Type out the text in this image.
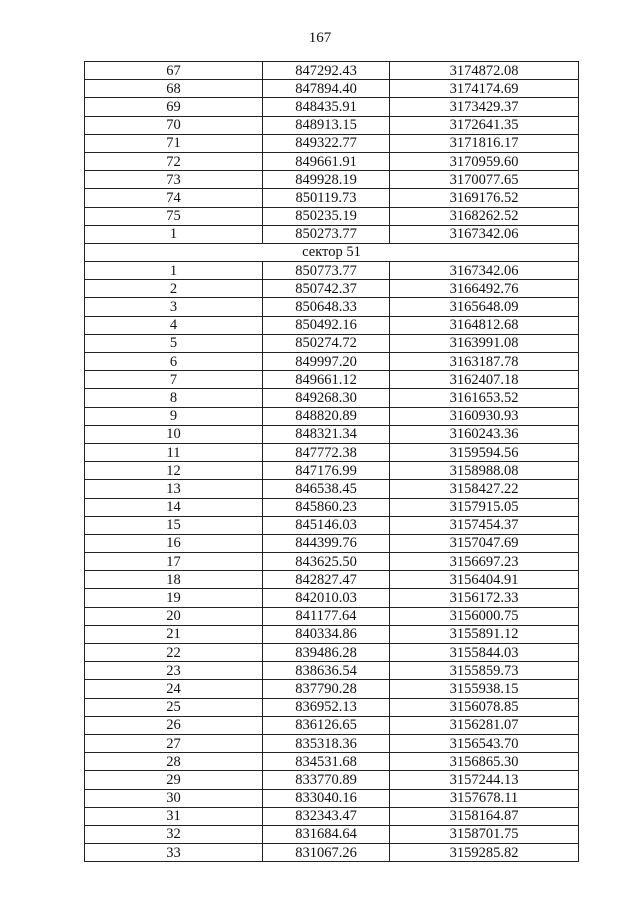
167
67	847292.43	3174872.08
68	847894.40	3174174.69
69	848435.91	3173429.37
70	848913.15	3172641.35
71	849322.77	3171816.17
72	849661.91	3170959.60
73	849928.19	3170077.65
74	850119.73	3169176.52
75	850235.19	3168262.52
1	850273.77	3167342.06
сектор 51		
1	850773.77	3167342.06
2	850742.37	3166492.76
3	850648.33	3165648.09
4	850492.16	3164812.68
5	850274.72	3163991.08
6	849997.20	3163187.78
7	849661.12	3162407.18
8	849268.30	3161653.52
9	848820.89	3160930.93
10	848321.34	3160243.36
11	847772.38	3159594.56
12	847176.99	3158988.08
13	846538.45	3158427.22
14	845860.23	3157915.05
15	845146.03	3157454.37
16	844399.76	3157047.69
17	843625.50	3156697.23
18	842827.47	3156404.91
19	842010.03	3156172.33
20	841177.64	3156000.75
21	840334.86	3155891.12
22	839486.28	3155844.03
23	838636.54	3155859.73
24	837790.28	3155938.15
25	836952.13	3156078.85
26	836126.65	3156281.07
27	835318.36	3156543.70
28	834531.68	3156865.30
29	833770.89	3157244.13
30	833040.16	3157678.11
31	832343.47	3158164.87
32	831684.64	3158701.75
33	831067.26	3159285.82
